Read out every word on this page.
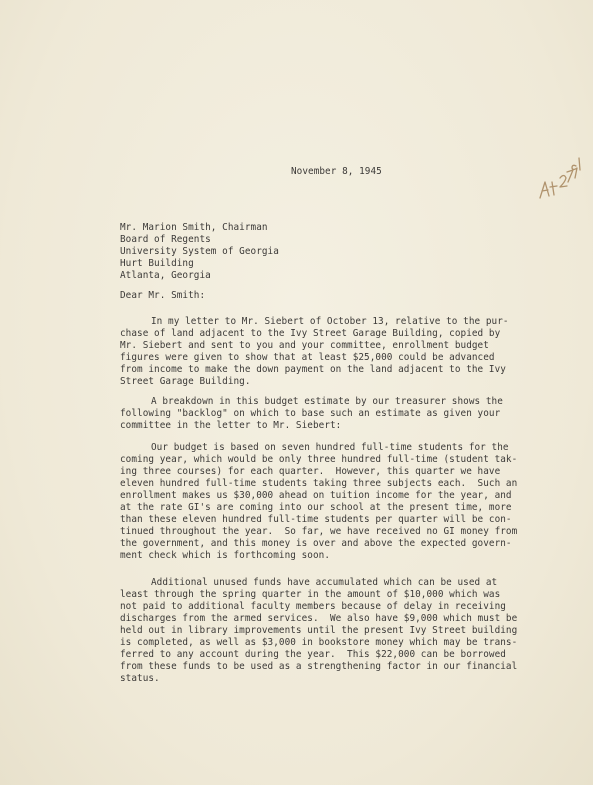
November 8, 1945

Mr. Marion Smith, Chairman

Board of Regents

University System of Georgia

Hurt Building

Atlanta, Georgia

Dear Mr. Smith:

In my letter to Mr. Siebert of October 13, relative to the pur-

chase of land adjacent to the Ivy Street Garage Building, copied by

Mr. Siebert and sent to you and your committee, enrollment budget

figures were given to show that at least $25,000 could be advanced

from income to make the down payment on the land adjacent to the Ivy

Street Garage Building.

A breakdown in this budget estimate by our treasurer shows the

following "backlog" on which to base such an estimate as given your

committee in the letter to Mr. Siebert:

Our budget is based on seven hundred full-time students for the

coming year, which would be only three hundred full-time (student tak-

ing three courses) for each quarter.  However, this quarter we have

eleven hundred full-time students taking three subjects each.  Such an

enrollment makes us $30,000 ahead on tuition income for the year, and

at the rate GI's are coming into our school at the present time, more

than these eleven hundred full-time students per quarter will be con-

tinued throughout the year.  So far, we have received no GI money from

the government, and this money is over and above the expected govern-

ment check which is forthcoming soon.

Additional unused funds have accumulated which can be used at

least through the spring quarter in the amount of $10,000 which was

not paid to additional faculty members because of delay in receiving

discharges from the armed services.  We also have $9,000 which must be

held out in library improvements until the present Ivy Street building

is completed, as well as $3,000 in bookstore money which may be trans-

ferred to any account during the year.  This $22,000 can be borrowed

from these funds to be used as a strengthening factor in our financial

status.
